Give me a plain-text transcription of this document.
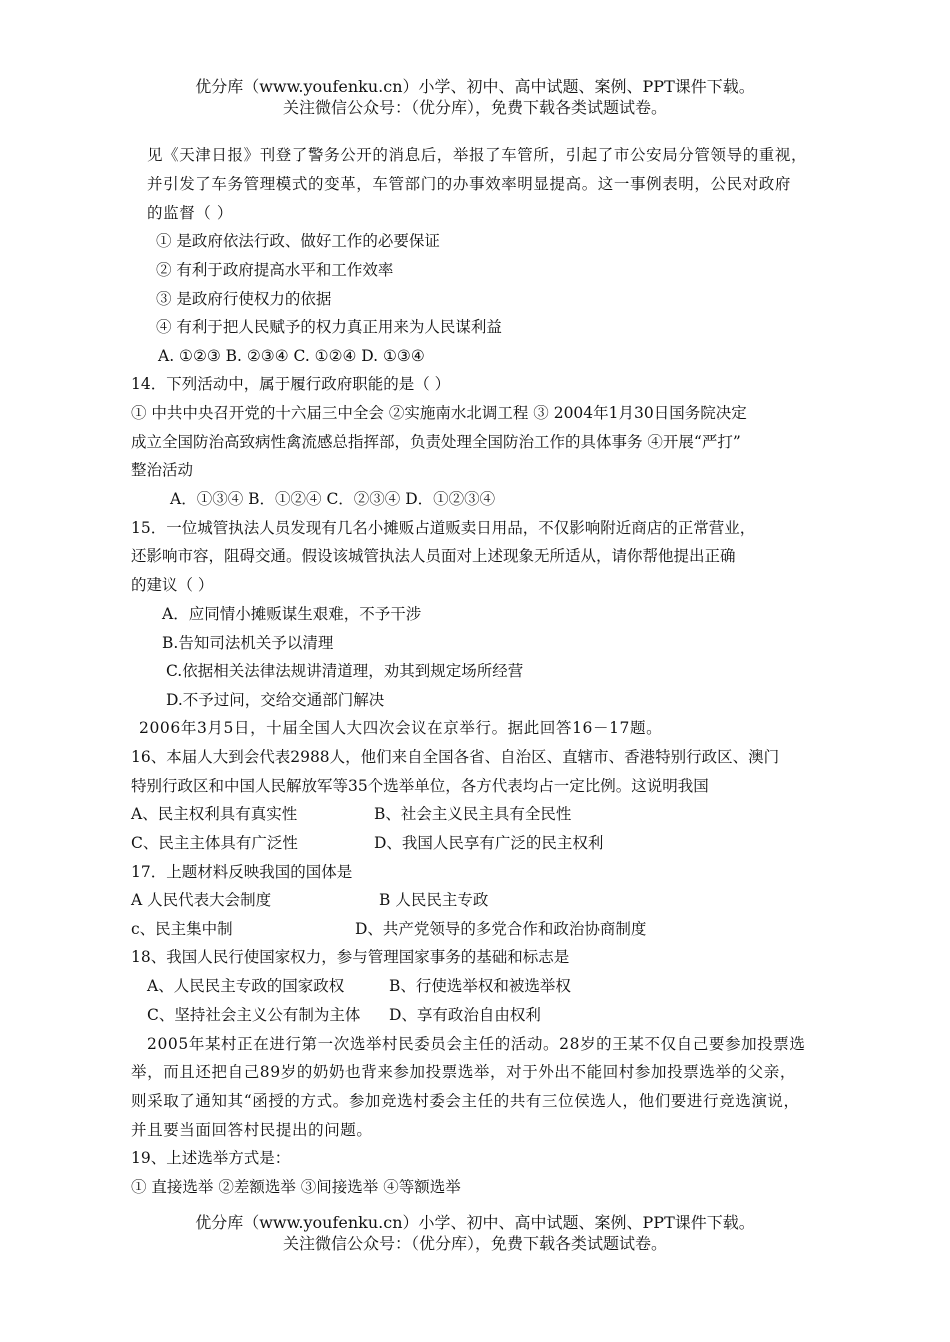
优分库（www.youfenku.cn）小学、初中、高中试题、案例、PPT课件下载。
关注微信公众号：（优分库），免费下载各类试题试卷。
见《天津日报》刊登了警务公开的消息后，举报了车管所，引起了市公安局分管领导的重视，
并引发了车务管理模式的变革，车管部门的办事效率明显提高。这一事例表明，公民对政府
的监督（ ）
① 是政府依法行政、做好工作的必要保证
② 有利于政府提高水平和工作效率
③ 是政府行使权力的依据
④ 有利于把人民赋予的权力真正用来为人民谋利益
A. ①②③ B. ②③④ C. ①②④ D. ①③④
14．下列活动中，属于履行政府职能的是（ ）
① 中共中央召开党的十六届三中全会 ②实施南水北调工程 ③ 2004年1月30日国务院决定
成立全国防治高致病性禽流感总指挥部，负责处理全国防治工作的具体事务 ④开展“严打”
整治活动
A．①③④ B．①②④ C．②③④ D．①②③④
15．一位城管执法人员发现有几名小摊贩占道贩卖日用品，不仅影响附近商店的正常营业，
还影响市容，阻碍交通。假设该城管执法人员面对上述现象无所适从，请你帮他提出正确
的建议（ ）
A．应同情小摊贩谋生艰难，不予干涉
B.告知司法机关予以清理
C.依据相关法律法规讲清道理，劝其到规定场所经营
D.不予过问，交给交通部门解决
2006年3月5日，十届全国人大四次会议在京举行。据此回答16－17题。
16、本届人大到会代表2988人，他们来自全国各省、自治区、直辖市、香港特别行政区、澳门
特别行政区和中国人民解放军等35个选举单位，各方代表均占一定比例。这说明我国
A、民主权利具有真实性	B、社会主义民主具有全民性
C、民主主体具有广泛性	D、我国人民享有广泛的民主权利
17．上题材料反映我国的国体是
A 人民代表大会制度	B 人民民主专政
c、民主集中制	D、共产党领导的多党合作和政治协商制度
18、我国人民行使国家权力，参与管理国家事务的基础和标志是
A、人民民主专政的国家政权	B、行使选举权和被选举权
C、坚持社会主义公有制为主体 D、享有政治自由权利
2005年某村正在进行第一次选举村民委员会主任的活动。28岁的王某不仅自己要参加投票选
举，而且还把自己89岁的奶奶也背来参加投票选举，对于外出不能回村参加投票选举的父亲，
则采取了通知其“函授的方式。参加竞选村委会主任的共有三位侯选人，他们要进行竞选演说，
并且要当面回答村民提出的问题。
19、上述选举方式是：
① 直接选举 ②差额选举 ③间接选举 ④等额选举
优分库（www.youfenku.cn）小学、初中、高中试题、案例、PPT课件下载。
关注微信公众号：（优分库），免费下载各类试题试卷。
